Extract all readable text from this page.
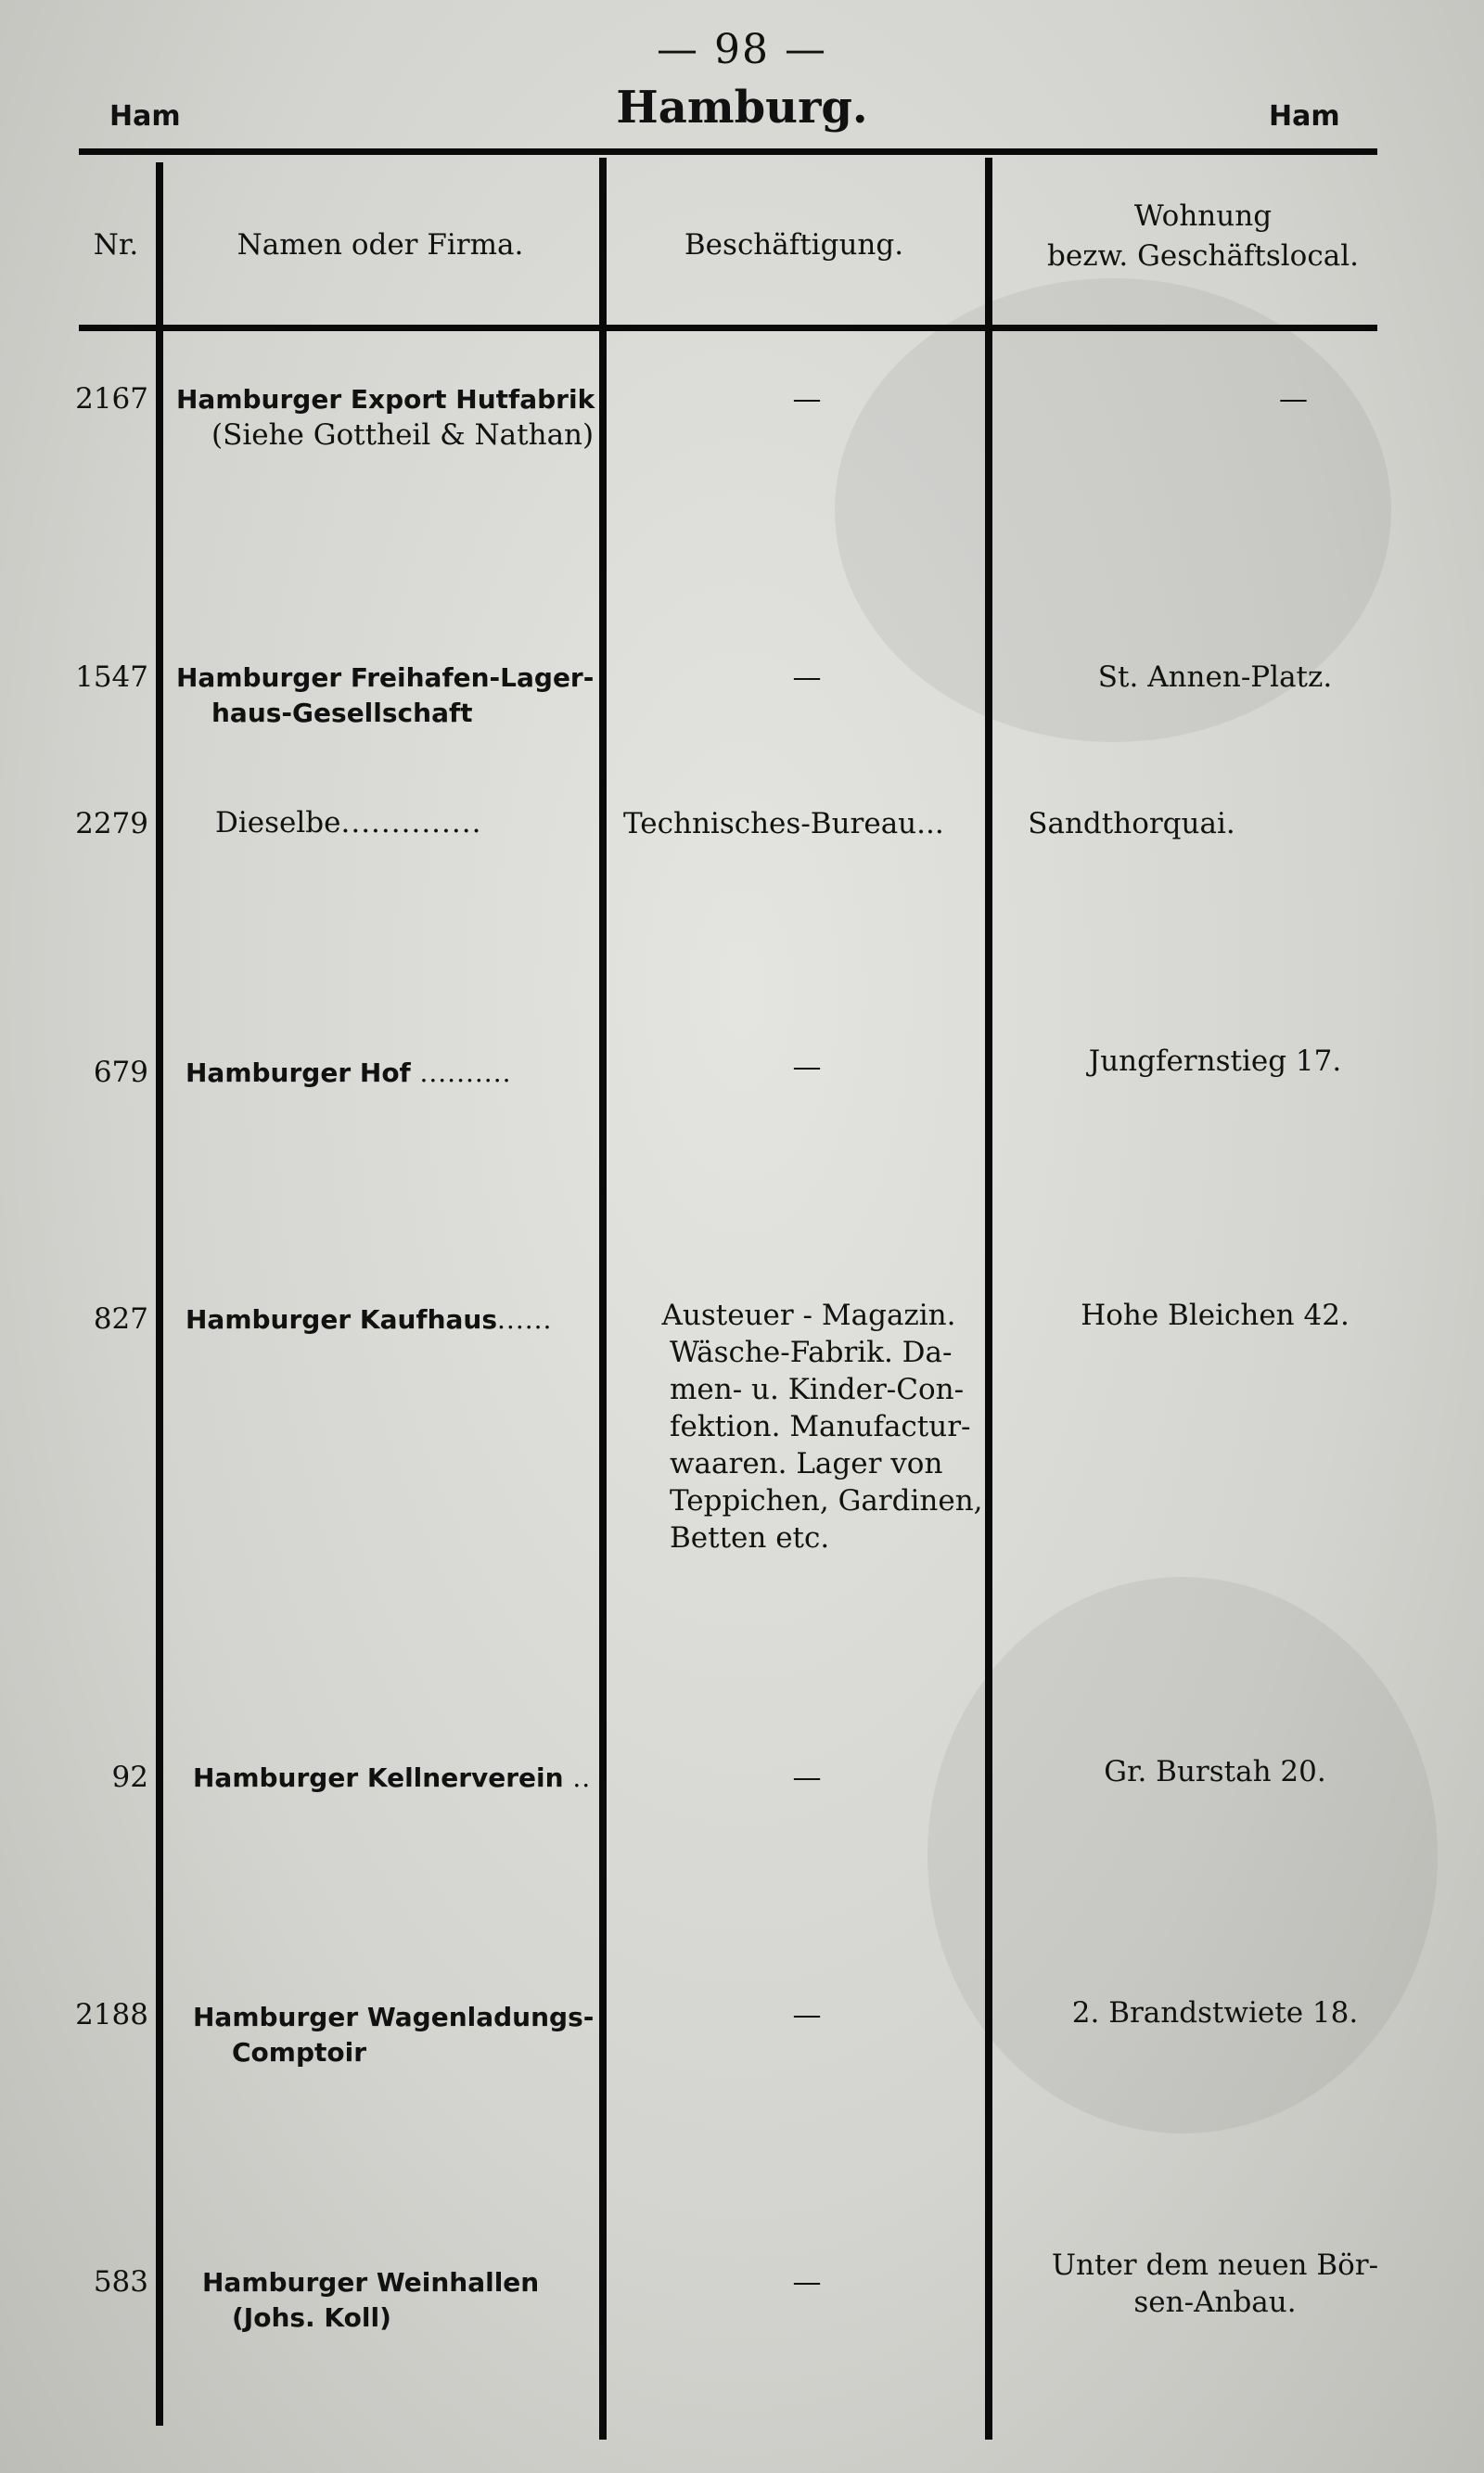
— 98 —
Ham	Hamburg.	Ham
Nr.	Namen oder Firma.	Beschäftigung.
Wohnung
bezw. Geschäftslocal.
2167 Hamburger Export Hutfabrik
(Siehe Gottheil & Nathan)
—	—
1547 Hamburger Freihafen-Lager-
haus-Gesellschaft
—	St. Annen-Platz.
2279 Dieselbe..............	Technisches-Bureau...	Sandthorquai.
679 Hamburger Hof ..........	—	Jungfernstieg 17.
827 Hamburger Kaufhaus......	Austeuer - Magazin.
Wäsche-Fabrik. Da-
men- u. Kinder-Con-
fektion. Manufactur-
waaren. Lager von
Teppichen, Gardinen,
Betten etc.
Hohe Bleichen 42.
92 Hamburger Kellnerverein ..	—	Gr. Burstah 20.
2188 Hamburger Wagenladungs-
Comptoir
—	2. Brandstwiete 18.
583 Hamburger Weinhallen
(Johs. Koll)
—	Unter dem neuen Bör-
sen-Anbau.
